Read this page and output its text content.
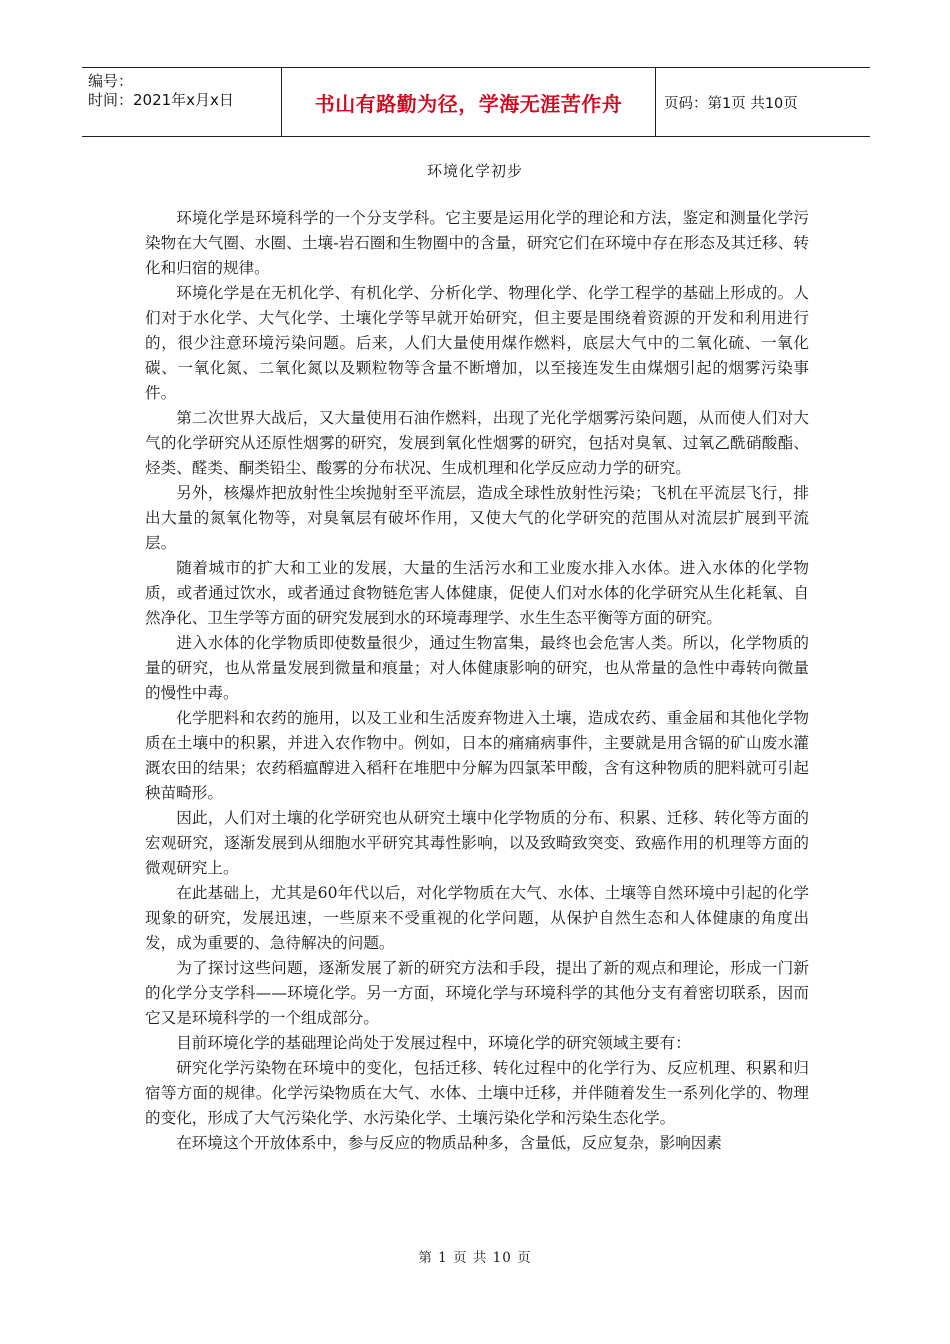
编号：
时间：2021年x月x日	书山有路勤为径，学海无涯苦作舟	页码：第1页 共10页
环境化学初步

环境化学是环境科学的一个分支学科。它主要是运用化学的理论和方法，鉴定和测量化学污染物在大气圈、水圈、土壤-岩石圈和生物圈中的含量，研究它们在环境中存在形态及其迁移、转化和归宿的规律。

环境化学是在无机化学、有机化学、分析化学、物理化学、化学工程学的基础上形成的。人们对于水化学、大气化学、土壤化学等早就开始研究，但主要是围绕着资源的开发和利用进行的，很少注意环境污染问题。后来，人们大量使用煤作燃料，底层大气中的二氧化硫、一氧化碳、一氧化氮、二氧化氮以及颗粒物等含量不断增加，以至接连发生由煤烟引起的烟雾污染事件。

第二次世界大战后，又大量使用石油作燃料，出现了光化学烟雾污染问题，从而使人们对大气的化学研究从还原性烟雾的研究，发展到氧化性烟雾的研究，包括对臭氧、过氧乙酰硝酸酯、烃类、醛类、酮类铅尘、酸雾的分布状况、生成机理和化学反应动力学的研究。

另外，核爆炸把放射性尘埃抛射至平流层，造成全球性放射性污染；飞机在平流层飞行，排出大量的氮氧化物等，对臭氧层有破坏作用，又使大气的化学研究的范围从对流层扩展到平流层。

随着城市的扩大和工业的发展，大量的生活污水和工业废水排入水体。进入水体的化学物质，或者通过饮水，或者通过食物链危害人体健康，促使人们对水体的化学研究从生化耗氧、自然净化、卫生学等方面的研究发展到水的环境毒理学、水生生态平衡等方面的研究。

进入水体的化学物质即使数量很少，通过生物富集，最终也会危害人类。所以，化学物质的量的研究，也从常量发展到微量和痕量；对人体健康影响的研究，也从常量的急性中毒转向微量的慢性中毒。

化学肥料和农药的施用，以及工业和生活废弃物进入土壤，造成农药、重金届和其他化学物质在土壤中的积累，并进入农作物中。例如，日本的痛痛病事件，主要就是用含镉的矿山废水灌溉农田的结果；农药稻瘟醇进入稻秆在堆肥中分解为四氯苯甲酸，含有这种物质的肥料就可引起秧苗畸形。

因此，人们对土壤的化学研究也从研究土壤中化学物质的分布、积累、迁移、转化等方面的宏观研究，逐渐发展到从细胞水平研究其毒性影响，以及致畸致突变、致癌作用的机理等方面的微观研究上。

在此基础上，尤其是60年代以后，对化学物质在大气、水体、土壤等自然环境中引起的化学现象的研究，发展迅速，一些原来不受重视的化学问题，从保护自然生态和人体健康的角度出发，成为重要的、急待解决的问题。

为了探讨这些问题，逐渐发展了新的研究方法和手段，提出了新的观点和理论，形成一门新的化学分支学科——环境化学。另一方面，环境化学与环境科学的其他分支有着密切联系，因而它又是环境科学的一个组成部分。

目前环境化学的基础理论尚处于发展过程中，环境化学的研究领域主要有：

研究化学污染物在环境中的变化，包括迁移、转化过程中的化学行为、反应机理、积累和归宿等方面的规律。化学污染物质在大气、水体、土壤中迁移，并伴随着发生一系列化学的、物理的变化，形成了大气污染化学、水污染化学、土壤污染化学和污染生态化学。

在环境这个开放体系中，参与反应的物质品种多，含量低，反应复杂，影响因素

第 1 页 共 10 页
